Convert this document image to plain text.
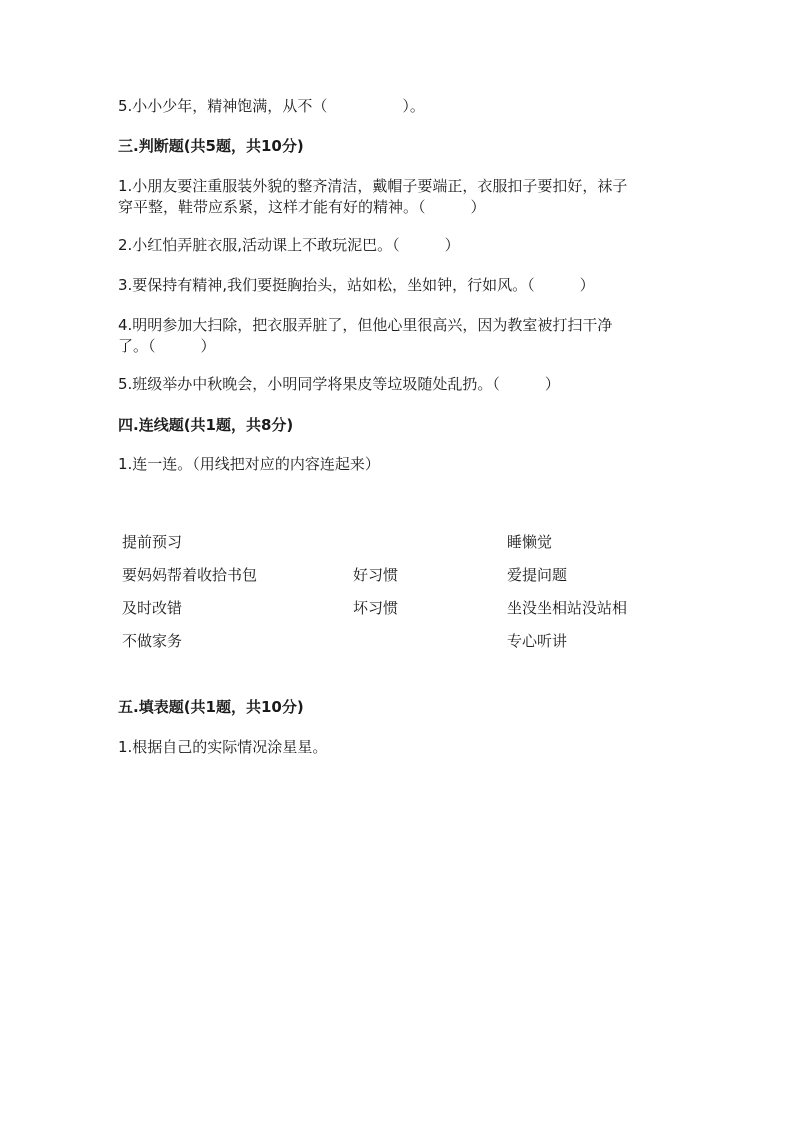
5.小小少年，精神饱满，从不（　　　　　）。
三.判断题(共5题，共10分)
1.小朋友要注重服装外貌的整齐清洁，戴帽子要端正，衣服扣子要扣好，袜子
穿平整，鞋带应系紧，这样才能有好的精神。（　　　）
2.小红怕弄脏衣服,活动课上不敢玩泥巴。（　　　）
3.要保持有精神,我们要挺胸抬头，站如松，坐如钟，行如风。（　　　）
4.明明参加大扫除，把衣服弄脏了，但他心里很高兴，因为教室被打扫干净
了。（　　　）
5.班级举办中秋晚会，小明同学将果皮等垃圾随处乱扔。（　　　）
四.连线题(共1题，共8分)
1.连一连。（用线把对应的内容连起来）
提前预习
要妈妈帮着收拾书包
及时改错
不做家务
好习惯
坏习惯
睡懒觉
爱提问题
坐没坐相站没站相
专心听讲
五.填表题(共1题，共10分)
1.根据自己的实际情况涂星星。
